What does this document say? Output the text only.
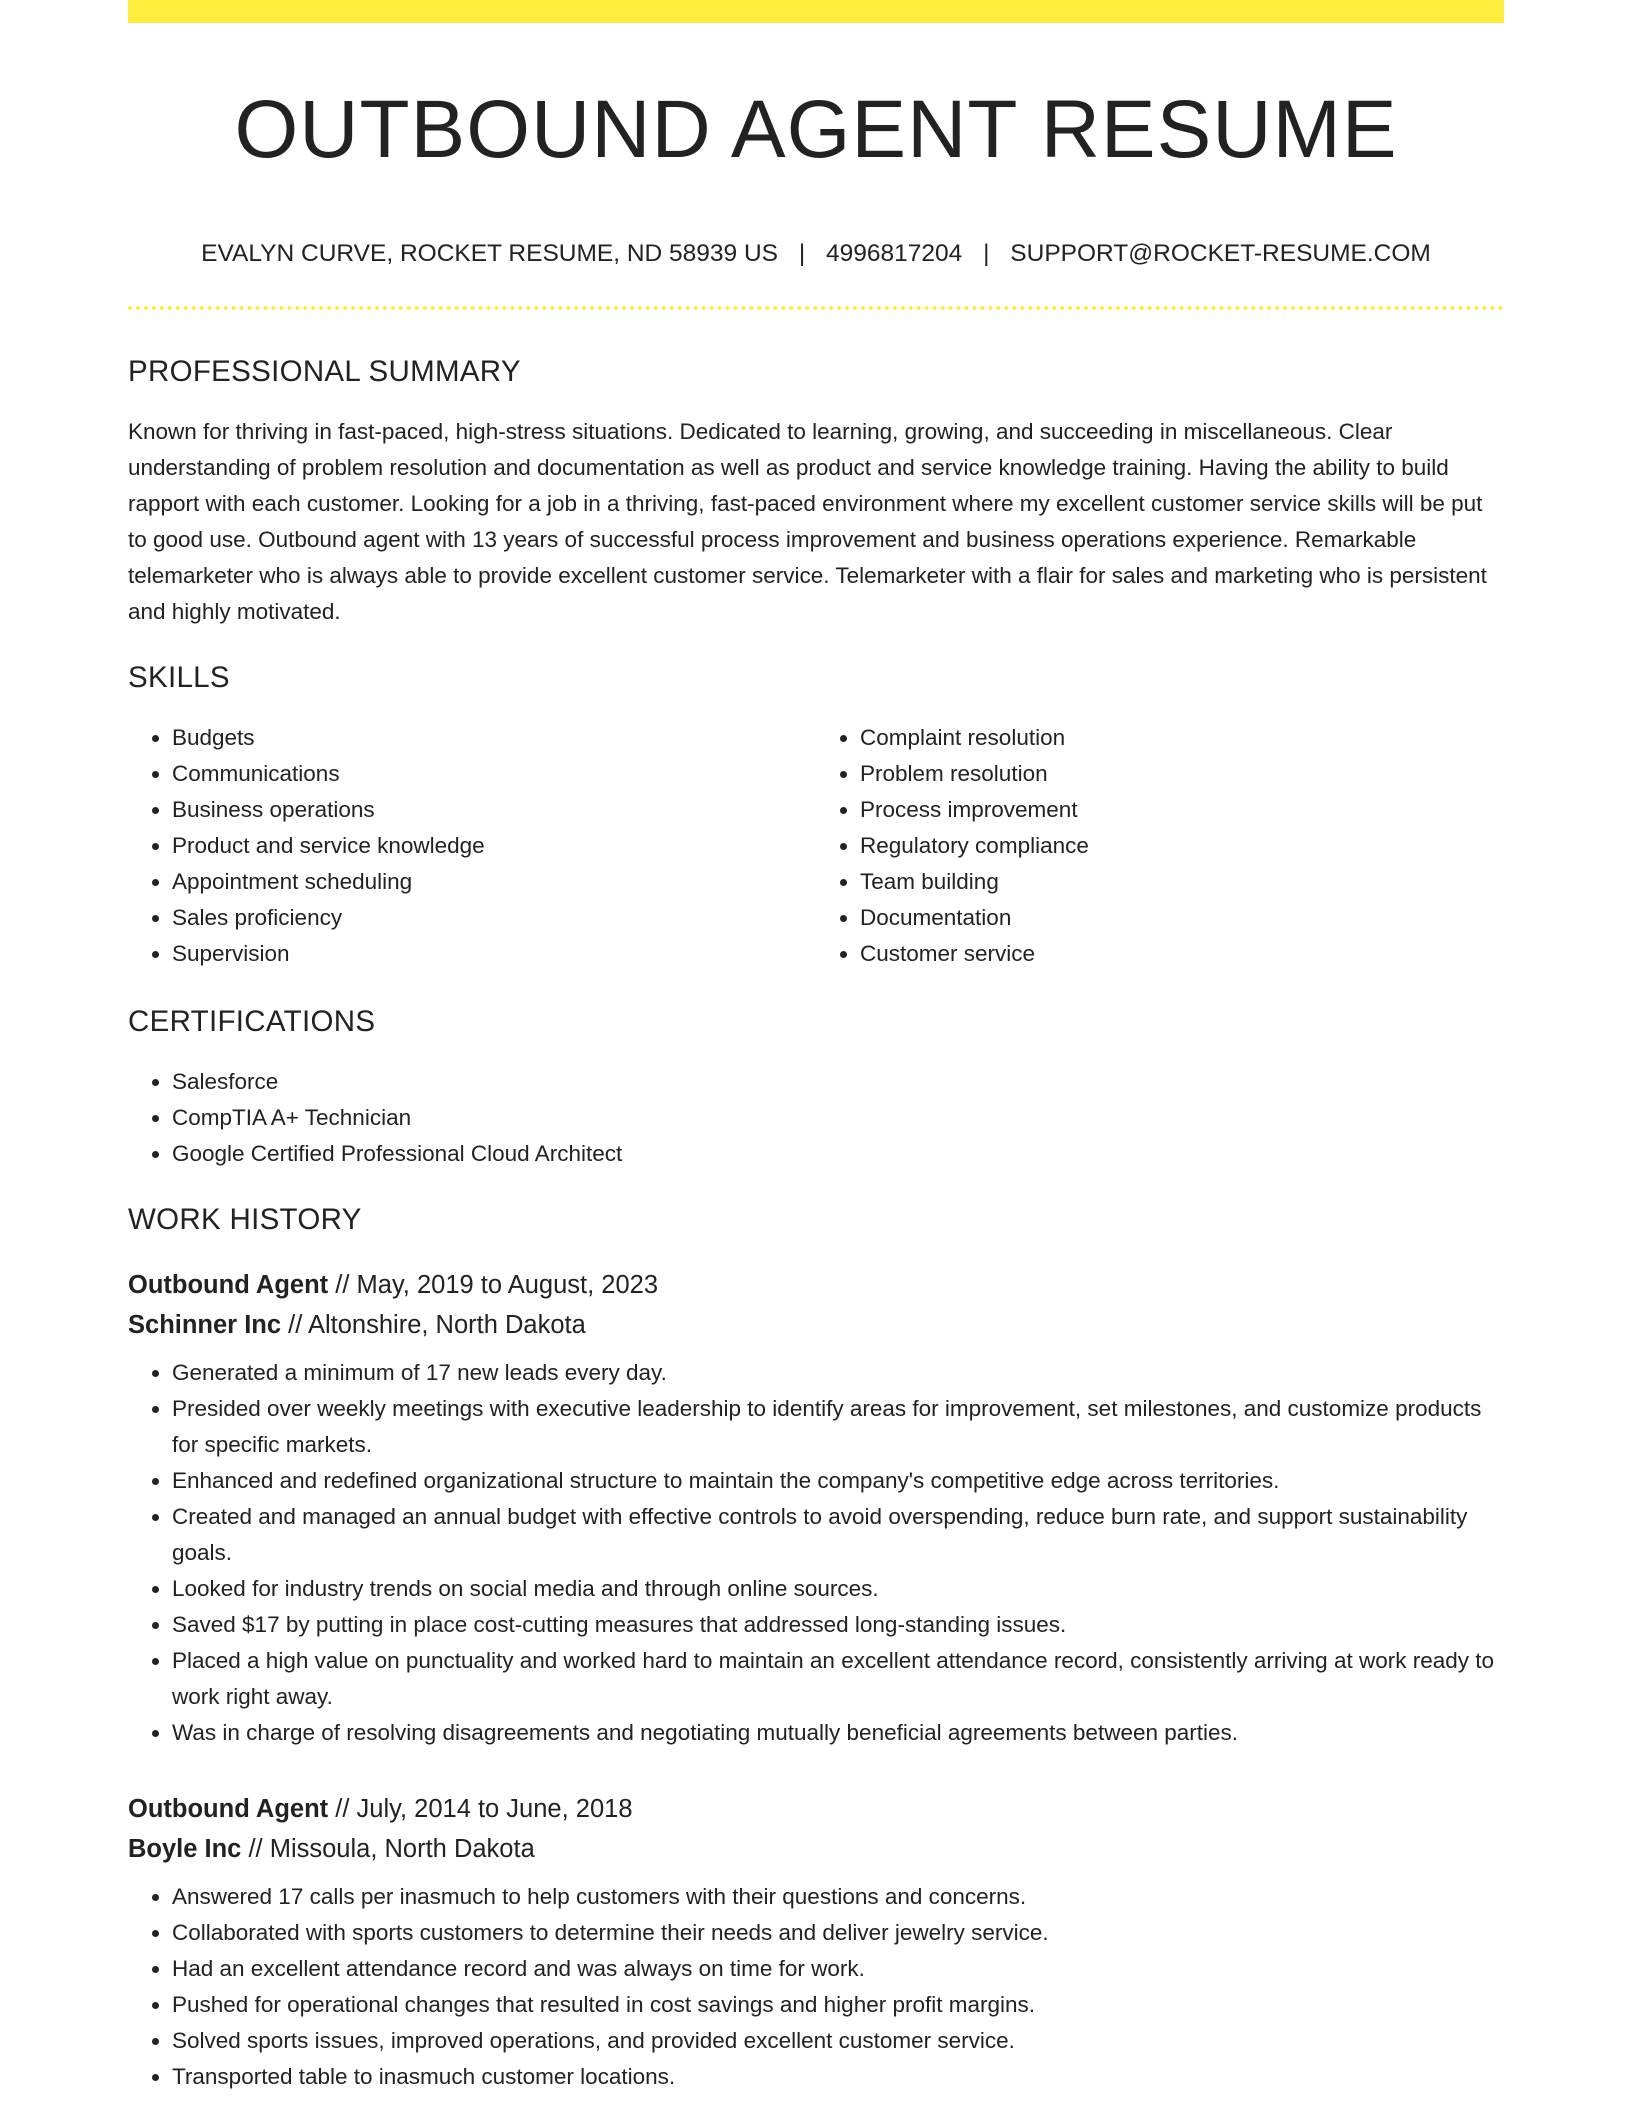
OUTBOUND AGENT RESUME
EVALYN CURVE, ROCKET RESUME, ND 58939 US | 4996817204 | SUPPORT@ROCKET-RESUME.COM
PROFESSIONAL SUMMARY

Known for thriving in fast-paced, high-stress situations. Dedicated to learning, growing, and succeeding in miscellaneous. Clear understanding of problem resolution and documentation as well as product and service knowledge training. Having the ability to build rapport with each customer. Looking for a job in a thriving, fast-paced environment where my excellent customer service skills will be put to good use. Outbound agent with 13 years of successful process improvement and business operations experience. Remarkable telemarketer who is always able to provide excellent customer service. Telemarketer with a flair for sales and marketing who is persistent and highly motivated.

SKILLS
• Budgets
• Communications
• Business operations
• Product and service knowledge
• Appointment scheduling
• Sales proficiency
• Supervision
• Complaint resolution
• Problem resolution
• Process improvement
• Regulatory compliance
• Team building
• Documentation
• Customer service
CERTIFICATIONS
• Salesforce
• CompTIA A+ Technician
• Google Certified Professional Cloud Architect
WORK HISTORY
Outbound Agent // May, 2019 to August, 2023
Schinner Inc // Altonshire, North Dakota
• Generated a minimum of 17 new leads every day.
• Presided over weekly meetings with executive leadership to identify areas for improvement, set milestones, and customize products for specific markets.
• Enhanced and redefined organizational structure to maintain the company's competitive edge across territories.
• Created and managed an annual budget with effective controls to avoid overspending, reduce burn rate, and support sustainability goals.
• Looked for industry trends on social media and through online sources.
• Saved $17 by putting in place cost-cutting measures that addressed long-standing issues.
• Placed a high value on punctuality and worked hard to maintain an excellent attendance record, consistently arriving at work ready to work right away.
• Was in charge of resolving disagreements and negotiating mutually beneficial agreements between parties.
Outbound Agent // July, 2014 to June, 2018
Boyle Inc // Missoula, North Dakota
• Answered 17 calls per inasmuch to help customers with their questions and concerns.
• Collaborated with sports customers to determine their needs and deliver jewelry service.
• Had an excellent attendance record and was always on time for work.
• Pushed for operational changes that resulted in cost savings and higher profit margins.
• Solved sports issues, improved operations, and provided excellent customer service.
• Transported table to inasmuch customer locations.
